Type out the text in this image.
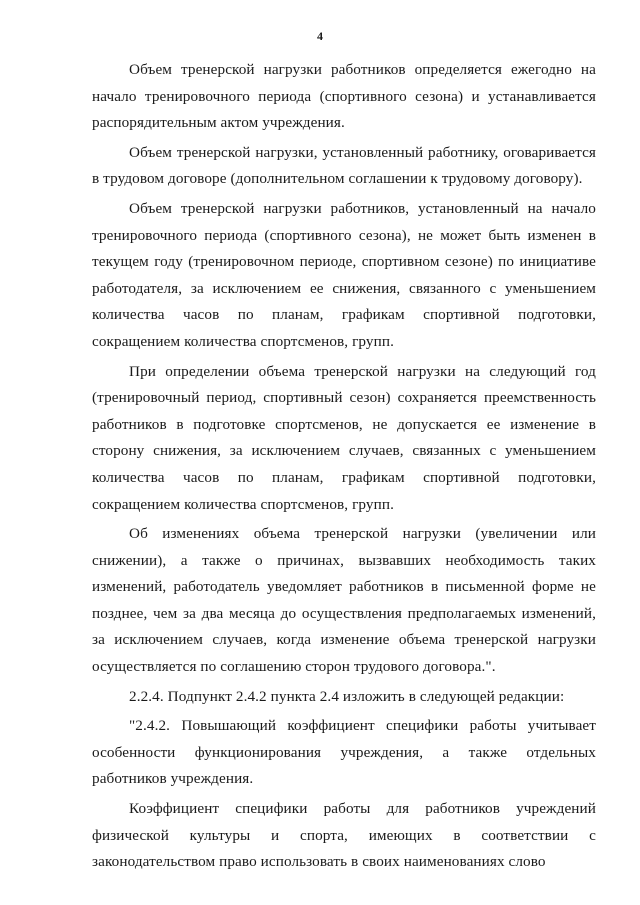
4

Объем тренерской нагрузки работников определяется ежегодно на начало тренировочного периода (спортивного сезона) и устанавливается распорядительным актом учреждения.

Объем тренерской нагрузки, установленный работнику, оговаривается в трудовом договоре (дополнительном соглашении к трудовому договору).

Объем тренерской нагрузки работников, установленный на начало тренировочного периода (спортивного сезона), не может быть изменен в текущем году (тренировочном периоде, спортивном сезоне) по инициативе работодателя, за исключением ее снижения, связанного с уменьшением количества часов по планам, графикам спортивной подготовки, сокращением количества спортсменов, групп.

При определении объема тренерской нагрузки на следующий год (тренировочный период, спортивный сезон) сохраняется преемственность работников в подготовке спортсменов, не допускается ее изменение в сторону снижения, за исключением случаев, связанных с уменьшением количества часов по планам, графикам спортивной подготовки, сокращением количества спортсменов, групп.

Об изменениях объема тренерской нагрузки (увеличении или снижении), а также о причинах, вызвавших необходимость таких изменений, работодатель уведомляет работников в письменной форме не позднее, чем за два месяца до осуществления предполагаемых изменений, за исключением случаев, когда изменение объема тренерской нагрузки осуществляется по соглашению сторон трудового договора.".

2.2.4. Подпункт 2.4.2 пункта 2.4 изложить в следующей редакции:

"2.4.2. Повышающий коэффициент специфики работы учитывает особенности функционирования учреждения, а также отдельных работников учреждения.

Коэффициент специфики работы для работников учреждений физической культуры и спорта, имеющих в соответствии с законодательством право использовать в своих наименованиях слово
